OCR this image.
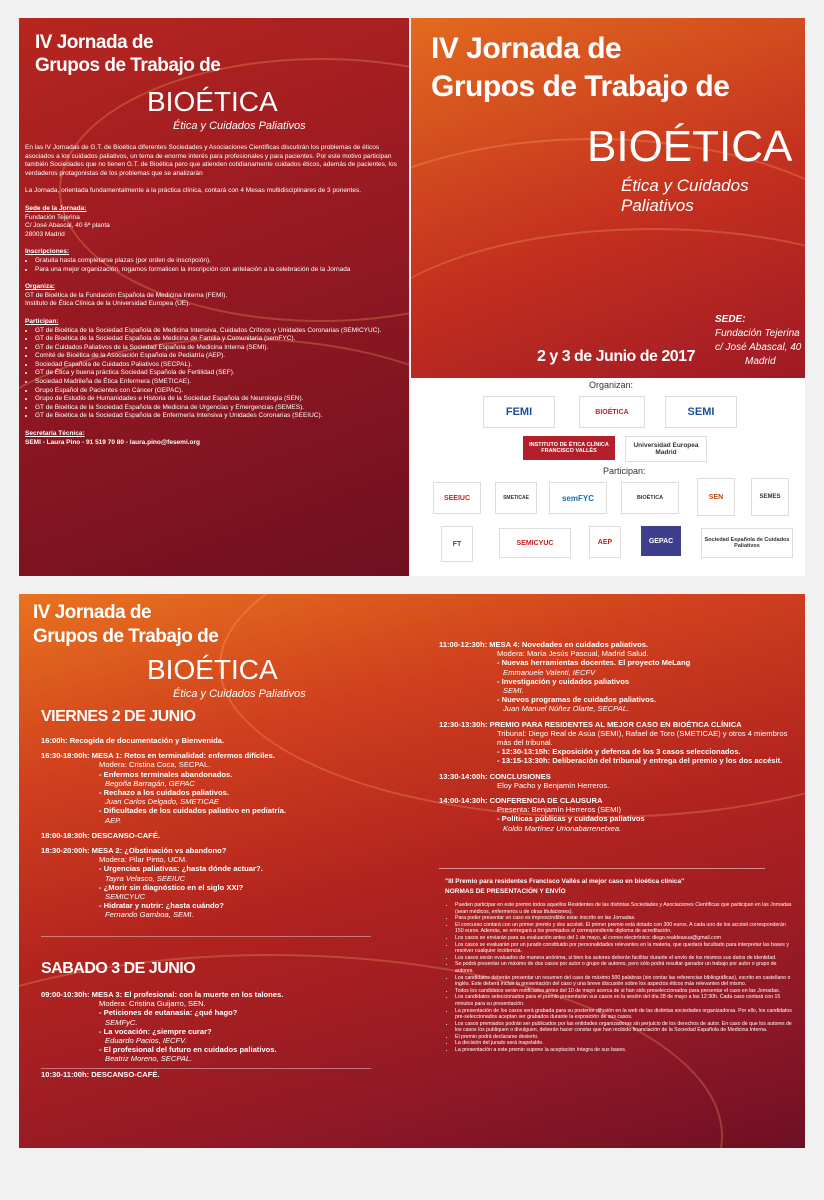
IV Jornada de
Grupos de Trabajo de
BIOÉTICA
Ética y Cuidados Paliativos
En las IV Jornadas de G.T. de Bioética diferentes Sociedades y Asociaciones Científicas discutirán los problemas de éticos asociados a los cuidados paliativos, un tema de enorme interés para profesionales y para pacientes. Por este motivo participan también Sociedades que no tienen G.T. de Bioética pero que atienden cotidianamente cuidados éticos, además de pacientes, los verdaderos protagonistas de los problemas que se analizarán
La Jornada, orientada fundamentalmente a la práctica clínica, contará con 4 Mesas multidisciplinares de 3 ponentes.
Sede de la Jornada:
Fundación Tejerina
C/ José Abascal, 40 6ª planta
28003 Madrid
Inscripciones:
• Gratuita hasta completarse plazas (por orden de inscripción).
• Para una mejor organización, rogamos formalicen la inscripción con antelación a la celebración de la Jornada
Organiza:
GT de Bioética de la Fundación Española de Medicina Interna (FEMI).
Instituto de Ética Clínica de la Universidad Europea (UE).
Participan:
• GT de Bioética de la Sociedad Española de Medicina Intensiva, Cuidados Críticos y Unidades Coronarias (SEMICYUC).
• GT de Bioética de la Sociedad Española de Medicina de Familia y Comunitaria (semFYC).
• GT de Cuidados Paliativos de la Sociedad Española de Medicina Interna (SEMI).
• Comité de Bioética de la Asociación Española de Pediatría (AEP).
• Sociedad Española de Cuidados Paliativos (SECPAL).
• GT de Ética y buena práctica Sociedad Española de Fertilidad (SEF).
• Sociedad Madrileña de Ética Enfermera (SMETICAE).
• Grupo Español de Pacientes con Cáncer (GEPAC).
• Grupo de Estudio de Humanidades e Historia de la Sociedad Española de Neurología (SEN).
• GT de Bioética de la Sociedad Española de Medicina de Urgencias y Emergencias (SEMES).
• GT de Bioética de la Sociedad Española de Enfermería Intensiva y Unidades Coronarias (SEEIUC).
Secretaría Técnica:
SEMI - Laura Pino - 91 519 70 80 - laura.pino@fesemi.org
IV Jornada de
Grupos de Trabajo de
BIOÉTICA
Ética y Cuidados Paliativos
SEDE:
Fundación Tejerina
c/ José Abascal, 40
Madrid
2 y 3 de Junio de 2017
Organizan:
FEMI	BIOÉTICA	SEMI
INSTITUTO DE ÉTICA CLÍNICA FRANCISCO VALLÉS
Universidad Europea Madrid
Participan:
SEEIUC	SMETICAE	semFYC	BIOÉTICA	SEN	SEMES
FT	SEMICYUC	AEP	GEPAC	Sociedad Española de Cuidados Paliativos
IV Jornada de
Grupos de Trabajo de
BIOÉTICA
Ética y Cuidados Paliativos
VIERNES 2 DE JUNIO
16:00h: Recogida de documentación y Bienvenida.
16:30-18:00h: MESA 1: Retos en terminalidad: enfermos difíciles.
Modera: Cristina Coca, SECPAL.
- Enfermos terminales abandonados.
Begoña Barragán, GEPAC
- Rechazo a los cuidados paliativos.
Juan Carlos Delgado, SMETICAE
- Dificultades de los cuidados paliativo en pediatría.
AEP.
18:00-18:30h: DESCANSO-CAFÉ.
18:30-20:00h: MESA 2: ¿Obstinación vs abandono?
Modera: Pilar Pinto, UCM.
- Urgencias paliativas: ¿hasta dónde actuar?.
Tayra Velasco, SEEIUC
- ¿Morir sin diagnóstico en el siglo XXI?
SEMICYUC
- Hidratar y nutrir: ¿hasta cuándo?
Fernando Gamboa, SEMI.
SABADO 3 DE JUNIO
09:00-10:30h: MESA 3: El profesional: con la muerte en los talones.
Modera: Cristina Guijarro, SEN.
- Peticiones de eutanasia: ¿qué hago?
SEMFyC.
- La vocación: ¿siempre curar?
Eduardo Pacios, IECFV.
- El profesional del futuro en cuidados paliativos.
Beatriz Moreno, SECPAL.
10:30-11:00h: DESCANSO-CAFÉ.
11:00-12:30h: MESA 4: Novedades en cuidados paliativos.
Modera: María Jesús Pascual, Madrid Salud.
- Nuevas herramientas docentes. El proyecto MeLang
Emmanuele Valenti, IECFV
- Investigación y cuidados paliativos
SEMI.
- Nuevos programas de cuidados paliativos.
Juan Manuel Núñez Olarte, SECPAL.
12:30-13:30h: PREMIO PARA RESIDENTES AL MEJOR CASO EN BIOÉTICA CLÍNICA
Tribunal: Diego Real de Asúa (SEMI), Rafael de Toro (SMETICAE) y otros 4 miembros más del tribunal.
- 12:30-13:15h: Exposición y defensa de los 3 casos seleccionados.
- 13:15-13:30h: Deliberación del tribunal y entrega del premio y los dos accésit.
13:30-14:00h: CONCLUSIONES
Eloy Pacho y Benjamín Herreros.
14:00-14:30h: CONFERENCIA DE CLAUSURA
Presenta: Benjamín Herreros (SEMI)
- Políticas públicas y cuidados paliativos
Koldo Martínez Urionabarrenetxea.
"III Premio para residentes Francisco Vallés al mejor caso en bioética clínica"
NORMAS DE PRESENTACIÓN Y ENVÍO
• Pueden participar en este premio todos aquellos Residentes de las distintas Sociedades y Asociaciones Científicas que participan en las Jornadas (sean médicos, enfermeros u de otras titulaciones).
• Para poder presentar un caso es imprescindible estar inscrito en las Jornadas.
• El concurso contará con un primer premio y dos accésit. El primer premio está dotado con 300 euros. A cada uno de los accésit corresponderán 150 euros. Además, se entregará a los premiados el correspondiente diploma de acreditación.
• Los casos se enviarán para su evaluación antes del 1 de mayo, al correo electrónico: diego.realdeasua@gmail.com
• Los casos se evaluarán por un jurado constituido por personalidades relevantes en la materia, que quedará facultado para interpretar las bases y resolver cualquier incidencia.
• Los casos serán evaluados de manera anónima, si bien los autores deberán facilitar durante el envío de los mismos sus datos de identidad.
• Se podrá presentar un máximo de dos casos por autor o grupo de autores, pero sólo podrá resultar ganador un trabajo por autor o grupo de autores.
• Los candidatos deberán presentar un resumen del caso de máximo 500 palabras (sin contar las referencias bibliográficas), escrito en castellano o inglés. Este deberá incluir la presentación del caso y una breve discusión sobre los aspectos éticos más relevantes del mismo.
• Todos los candidatos serán notificados antes del 10 de mayo acerca de si han sido preseleccionados para presentar el caso en las Jornadas.
• Los candidatos seleccionados para el premio presentarán sus casos en la sesión del día 28 de mayo a las 12:30h. Cada caso contará con 15 minutos para su presentación.
• La presentación de los casos será grabada para su posterior difusión en la web de las distintas sociedades organizadoras. Por ello, los candidatos pre-seleccionados aceptan ser grabados durante la exposición de sus casos.
• Los casos premiados podrán ser publicados por las entidades organizadoras sin perjuicio de los derechos de autor. En caso de que los autores de los casos los publiquen o divulguen, deberán hacer constar que han recibido financiación de la Sociedad Española de Medicina Interna.
• El premio podrá declararse desierto.
• La decisión del jurado será inapelable.
• La presentación a este premio supone la aceptación íntegra de sus bases.
